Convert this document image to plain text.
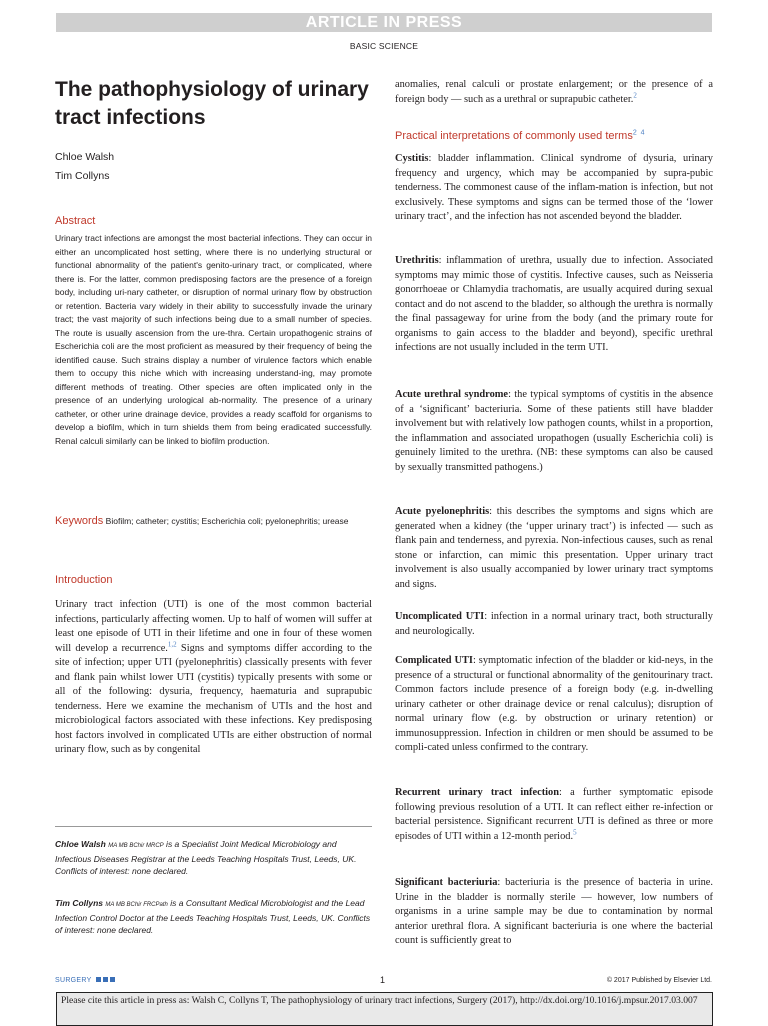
ARTICLE IN PRESS
BASIC SCIENCE
The pathophysiology of urinary tract infections
Chloe Walsh
Tim Collyns
Abstract
Urinary tract infections are amongst the most bacterial infections. They can occur in either an uncomplicated host setting, where there is no underlying structural or functional abnormality of the patient's genito-urinary tract, or complicated, where there is. For the latter, common predisposing factors are the presence of a foreign body, including uri-nary catheter, or disruption of normal urinary flow by obstruction or retention. Bacteria vary widely in their ability to successfully invade the urinary tract; the vast majority of such infections being due to a small number of species. The route is usually ascension from the ure-thra. Certain uropathogenic strains of Escherichia coli are the most proficient as measured by their frequency of being the identified cause. Such strains display a number of virulence factors which enable them to occupy this niche which with increasing understand-ing, may promote different methods of treating. Other species are often implicated only in the presence of an underlying urological ab-normality. The presence of a urinary catheter, or other urine drainage device, provides a ready scaffold for organisms to develop a biofilm, which in turn shields them from being eradicated successfully. Renal calculi similarly can be linked to biofilm production.
Keywords Biofilm; catheter; cystitis; Escherichia coli; pyelonephritis; urease
Introduction
Urinary tract infection (UTI) is one of the most common bacterial infections, particularly affecting women. Up to half of women will suffer at least one episode of UTI in their lifetime and one in four of these women will develop a recurrence.$^{1,2}$ Signs and symptoms differ according to the site of infection; upper UTI (pyelonephritis) classically presents with fever and flank pain whilst lower UTI (cystitis) typically presents with some or all of the following: dysuria, frequency, haematuria and suprapubic tenderness. Here we examine the mechanism of UTIs and the host and microbiological factors associated with these infections. Key predisposing host factors involved in complicated UTIs are either obstruction of normal urinary flow, such as by congenital
Chloe Walsh MA MB BChir MRCP is a Specialist Joint Medical Microbiology and Infectious Diseases Registrar at the Leeds Teaching Hospitals Trust, Leeds, UK. Conflicts of interest: none declared.
Tim Collyns MA MB BChir FRCPath is a Consultant Medical Microbiologist and the Lead Infection Control Doctor at the Leeds Teaching Hospitals Trust, Leeds, UK. Conflicts of interest: none declared.
anomalies, renal calculi or prostate enlargement; or the presence of a foreign body — such as a urethral or suprapubic catheter.$^2$
Practical interpretations of commonly used terms$^{2 4}$
Cystitis: bladder inflammation. Clinical syndrome of dysuria, urinary frequency and urgency, which may be accompanied by supra-pubic tenderness. The commonest cause of the inflam-mation is infection, but not exclusively. These symptoms and signs can be termed those of the ‘lower urinary tract’, and the infection has not ascended beyond the bladder.
Urethritis: inflammation of urethra, usually due to infection. Associated symptoms may mimic those of cystitis. Infective causes, such as Neisseria gonorrhoeae or Chlamydia trachomatis, are usually acquired during sexual contact and do not ascend to the bladder, so although the urethra is normally the final passageway for urine from the body (and the primary route for organisms to gain access to the bladder and beyond), specific urethral infections are not usually included in the term UTI.
Acute urethral syndrome: the typical symptoms of cystitis in the absence of a ‘significant’ bacteriuria. Some of these patients still have bladder involvement but with relatively low pathogen counts, whilst in a proportion, the inflammation and associated uropathogen (usually Escherichia coli) is genuinely limited to the urethra. (NB: these symptoms can also be caused by sexually transmitted pathogens.)
Acute pyelonephritis: this describes the symptoms and signs which are generated when a kidney (the ‘upper urinary tract’) is infected — such as flank pain and tenderness, and pyrexia. Non-infectious causes, such as renal stone or infarction, can mimic this presentation. Upper urinary tract involvement is also usually accompanied by lower urinary tract symptoms and signs.
Uncomplicated UTI: infection in a normal urinary tract, both structurally and neurologically.
Complicated UTI: symptomatic infection of the bladder or kid-neys, in the presence of a structural or functional abnormality of the genitourinary tract. Common factors include presence of a foreign body (e.g. in-dwelling urinary catheter or other drainage device or renal calculus); disruption of normal urinary flow (e.g. by obstruction or urinary retention) or immunosuppression. Infection in children or men should be assumed to be compli-cated unless confirmed to the contrary.
Recurrent urinary tract infection: a further symptomatic episode following previous resolution of a UTI. It can reflect either re-infection or bacterial persistence. Significant recurrent UTI is defined as three or more episodes of UTI within a 12-month period.$^5$
Significant bacteriuria: bacteriuria is the presence of bacteria in urine. Urine in the bladder is normally sterile — however, low numbers of organisms in a urine sample may be due to contamination by normal anterior urethral flora. A significant bacteriuria is one where the bacterial count is sufficiently great to
SURGERY	1	© 2017 Published by Elsevier Ltd.
Please cite this article in press as: Walsh C, Collyns T, The pathophysiology of urinary tract infections, Surgery (2017), http://dx.doi.org/10.1016/j.mpsur.2017.03.007
